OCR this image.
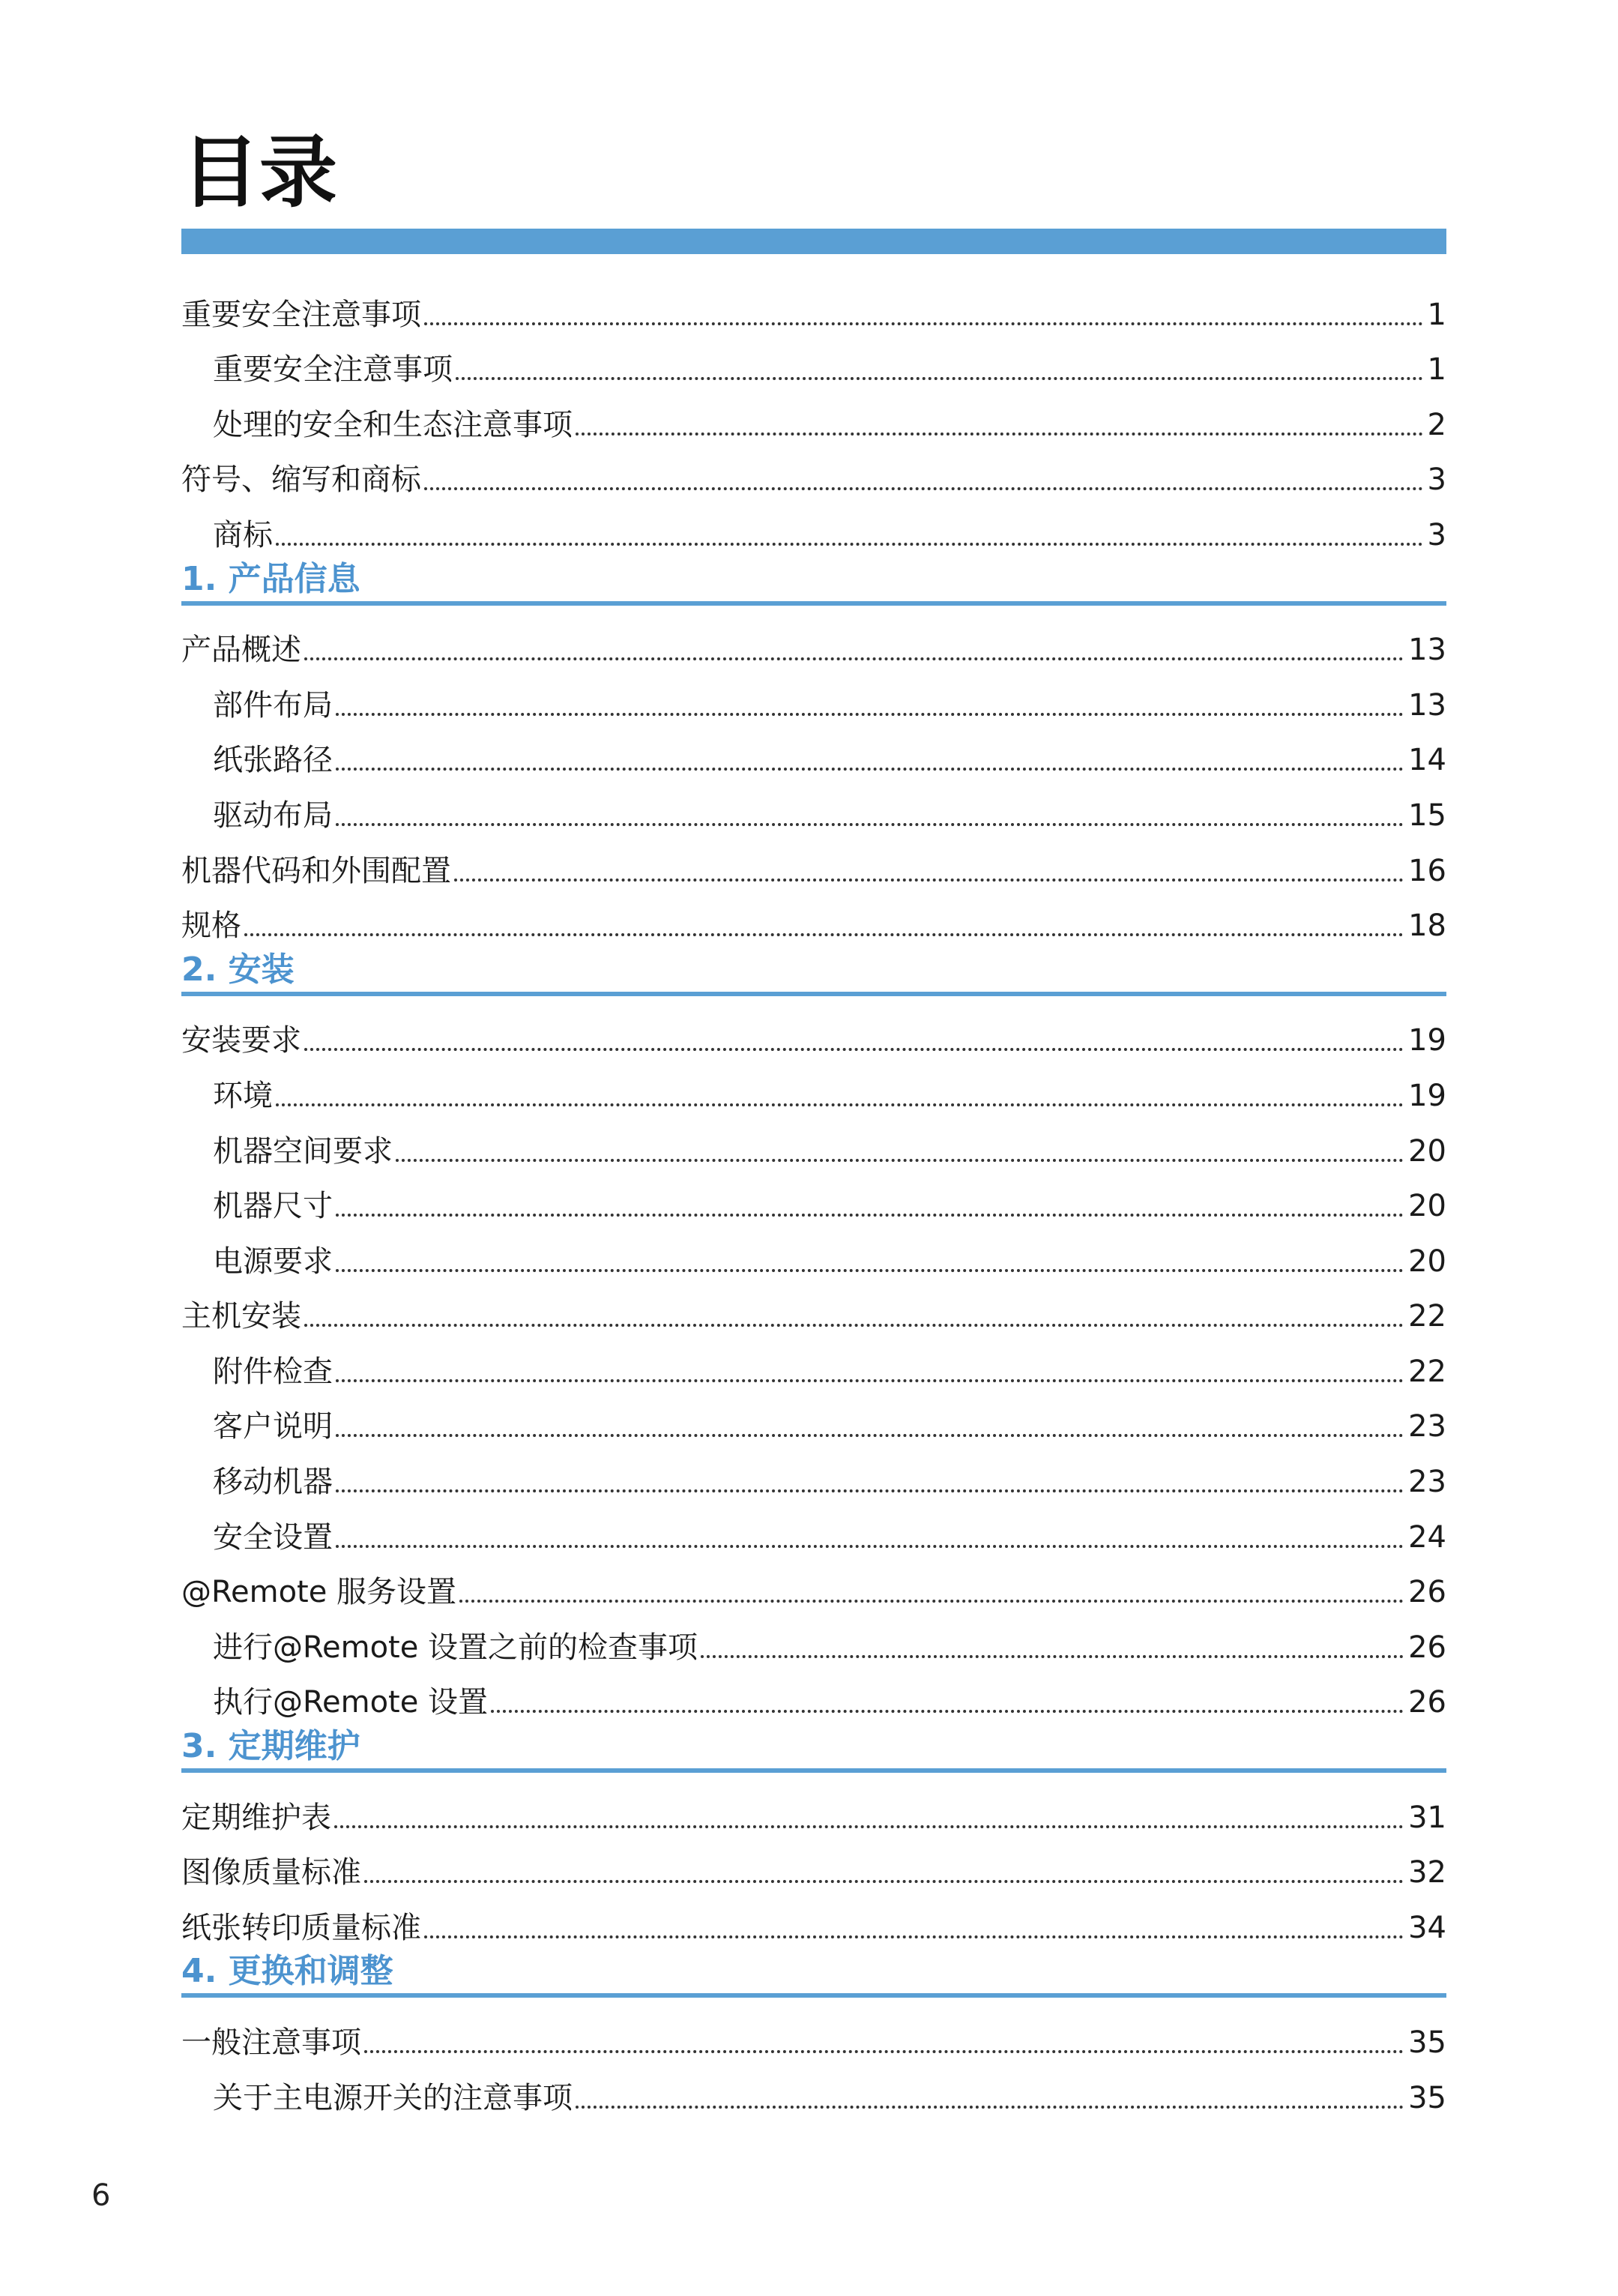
目录
重要安全注意事项	1
重要安全注意事项	1
处理的安全和生态注意事项	2
符号、缩写和商标	3
商标	3
1. 产品信息
产品概述	13
部件布局	13
纸张路径	14
驱动布局	15
机器代码和外围配置	16
规格	18
2. 安装
安装要求	19
环境	19
机器空间要求	20
机器尺寸	20
电源要求	20
主机安装	22
附件检查	22
客户说明	23
移动机器	23
安全设置	24
@Remote 服务设置	26
进行@Remote 设置之前的检查事项	26
执行@Remote 设置	26
3. 定期维护
定期维护表	31
图像质量标准	32
纸张转印质量标准	34
4. 更换和调整
一般注意事项	35
关于主电源开关的注意事项	35
6
